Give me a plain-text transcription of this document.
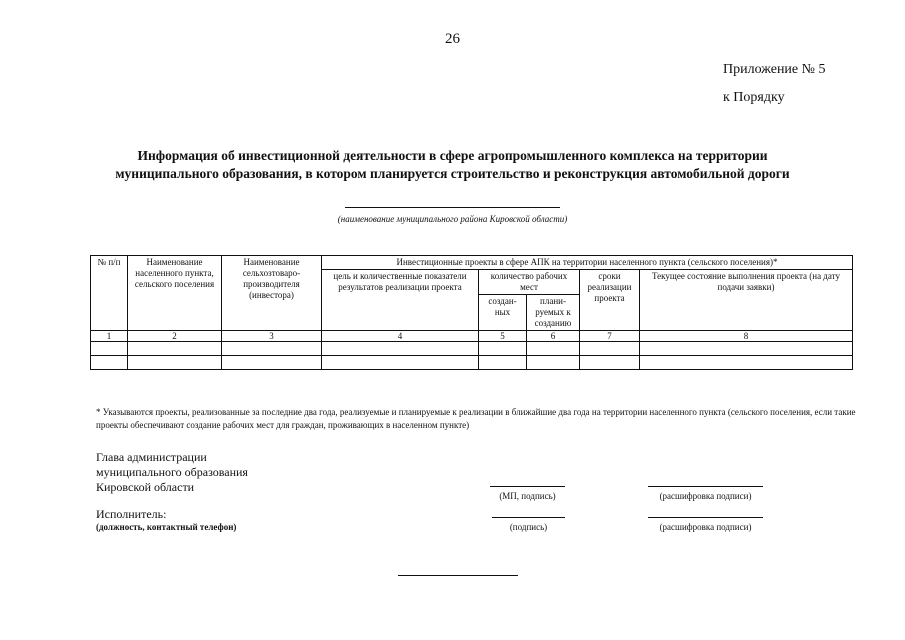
26
Приложение № 5
к Порядку
Информация об инвестиционной деятельности в сфере агропромышленного комплекса на территории
муниципального образования, в котором планируется строительство и реконструкция автомобильной дороги
(наименование муниципального района Кировской области)
№ п/п	Наименование населенного пункта, сельского поселения	Наименование сельхозтоваро-производителя (инвестора)	Инвестиционные проекты в сфере АПК на территории населенного пункта (сельского поселения)*				
			цель и количественные показатели результатов реализации проекта	количество рабочих мест		сроки реализации проекта	Текущее состояние выполнения проекта (на дату подачи заявки)
				создан-ных	плани-руемых к созданию		
1	2	3	4	5	6	7	8

* Указываются проекты, реализованные за последние два года, реализуемые и планируемые к реализации в ближайшие два года на территории населенного пункта (сельского поселения, если такие проекты обеспечивают создание рабочих мест для граждан, проживающих в населенном пункте)
Глава администрации
муниципального образования
Кировской области
(МП, подпись)	(расшифровка подписи)
Исполнитель:
(должность, контактный телефон)	(подпись)	(расшифровка подписи)
